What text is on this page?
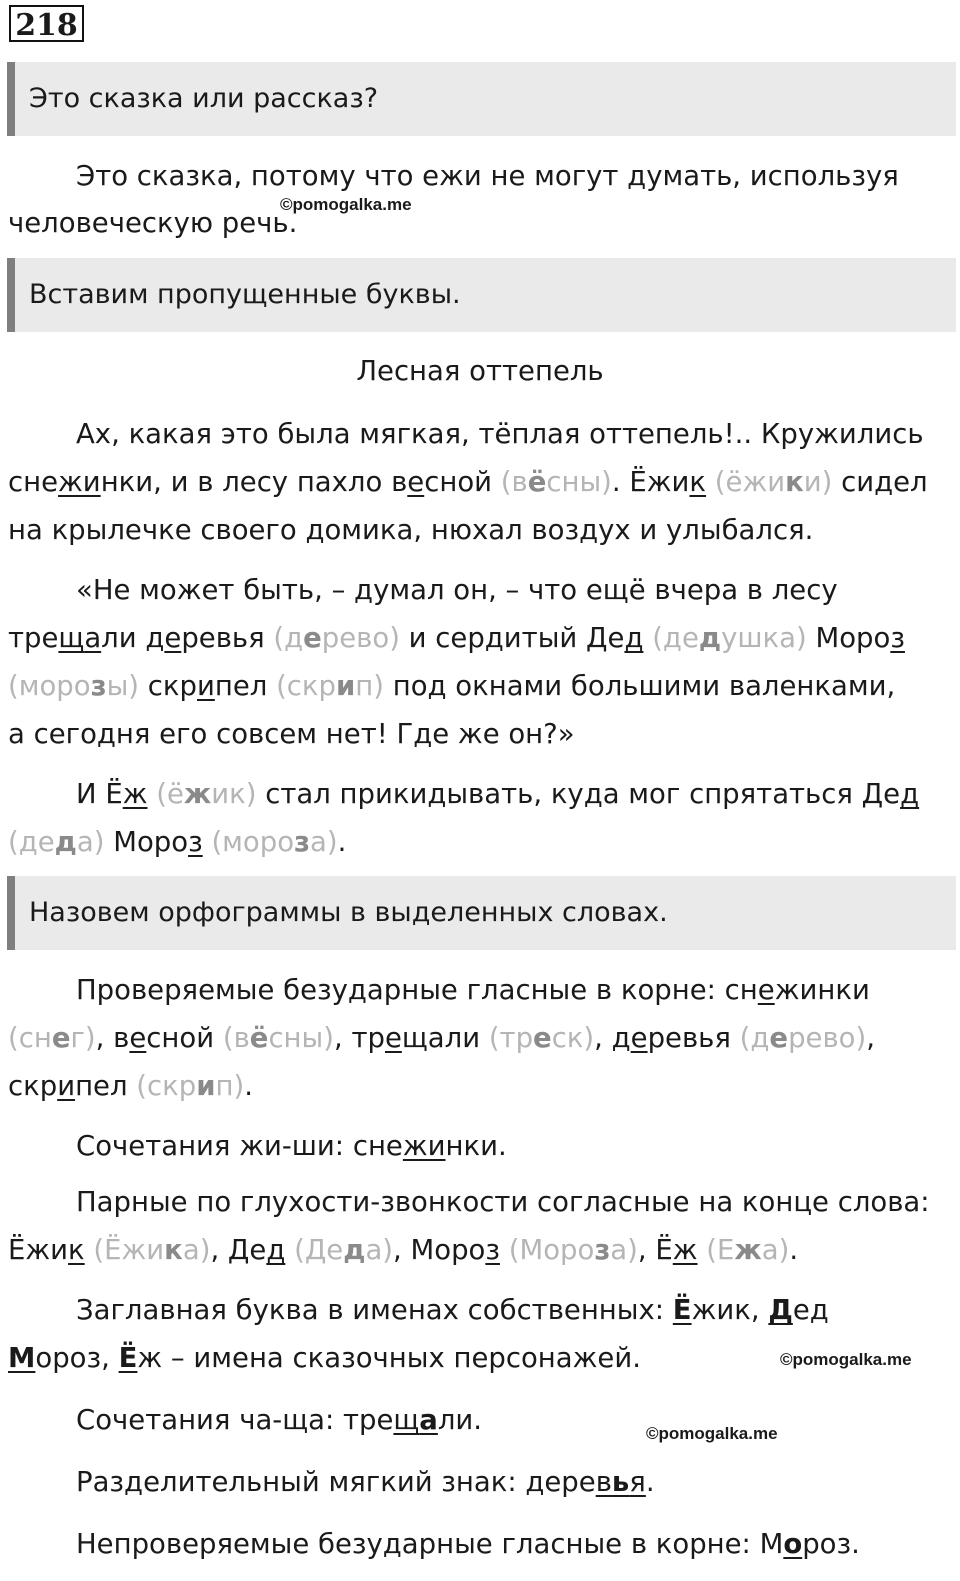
218
Это сказка или рассказ?
Это сказка, потому что ежи не могут думать, используя
человеческую речь.
©pomogalka.me
Вставим пропущенные буквы.
Лесная оттепель
Ах, какая это была мягкая, тёплая оттепель!.. Кружились
снежинки, и в лесу пахло весной (вёсны). Ёжик (ёжики) сидел
на крылечке своего домика, нюхал воздух и улыбался.
«Не может быть, – думал он, – что ещё вчера в лесу
трещали деревья (дерево) и сердитый Дед (дедушка) Мороз
(морозы) скрипел (скрип) под окнами большими валенками,
а сегодня его совсем нет! Где же он?»
И Ёж (ёжик) стал прикидывать, куда мог спрятаться Дед
(деда) Мороз (мороза).
Назовем орфограммы в выделенных словах.
Проверяемые безударные гласные в корне: снежинки
(снег), весной (вёсны), трещали (треск), деревья (дерево),
скрипел (скрип).
Сочетания жи-ши: снежинки.
Парные по глухости-звонкости согласные на конце слова:
Ёжик (Ёжика), Дед (Деда), Мороз (Мороза), Ёж (Ежа).
Заглавная буква в именах собственных: Ёжик, Дед
Мороз, Ёж – имена сказочных персонажей.	©pomogalka.me
Сочетания ча-ща: трещали.	©pomogalka.me
Разделительный мягкий знак: деревья.
Непроверяемые безударные гласные в корне: Мороз.
